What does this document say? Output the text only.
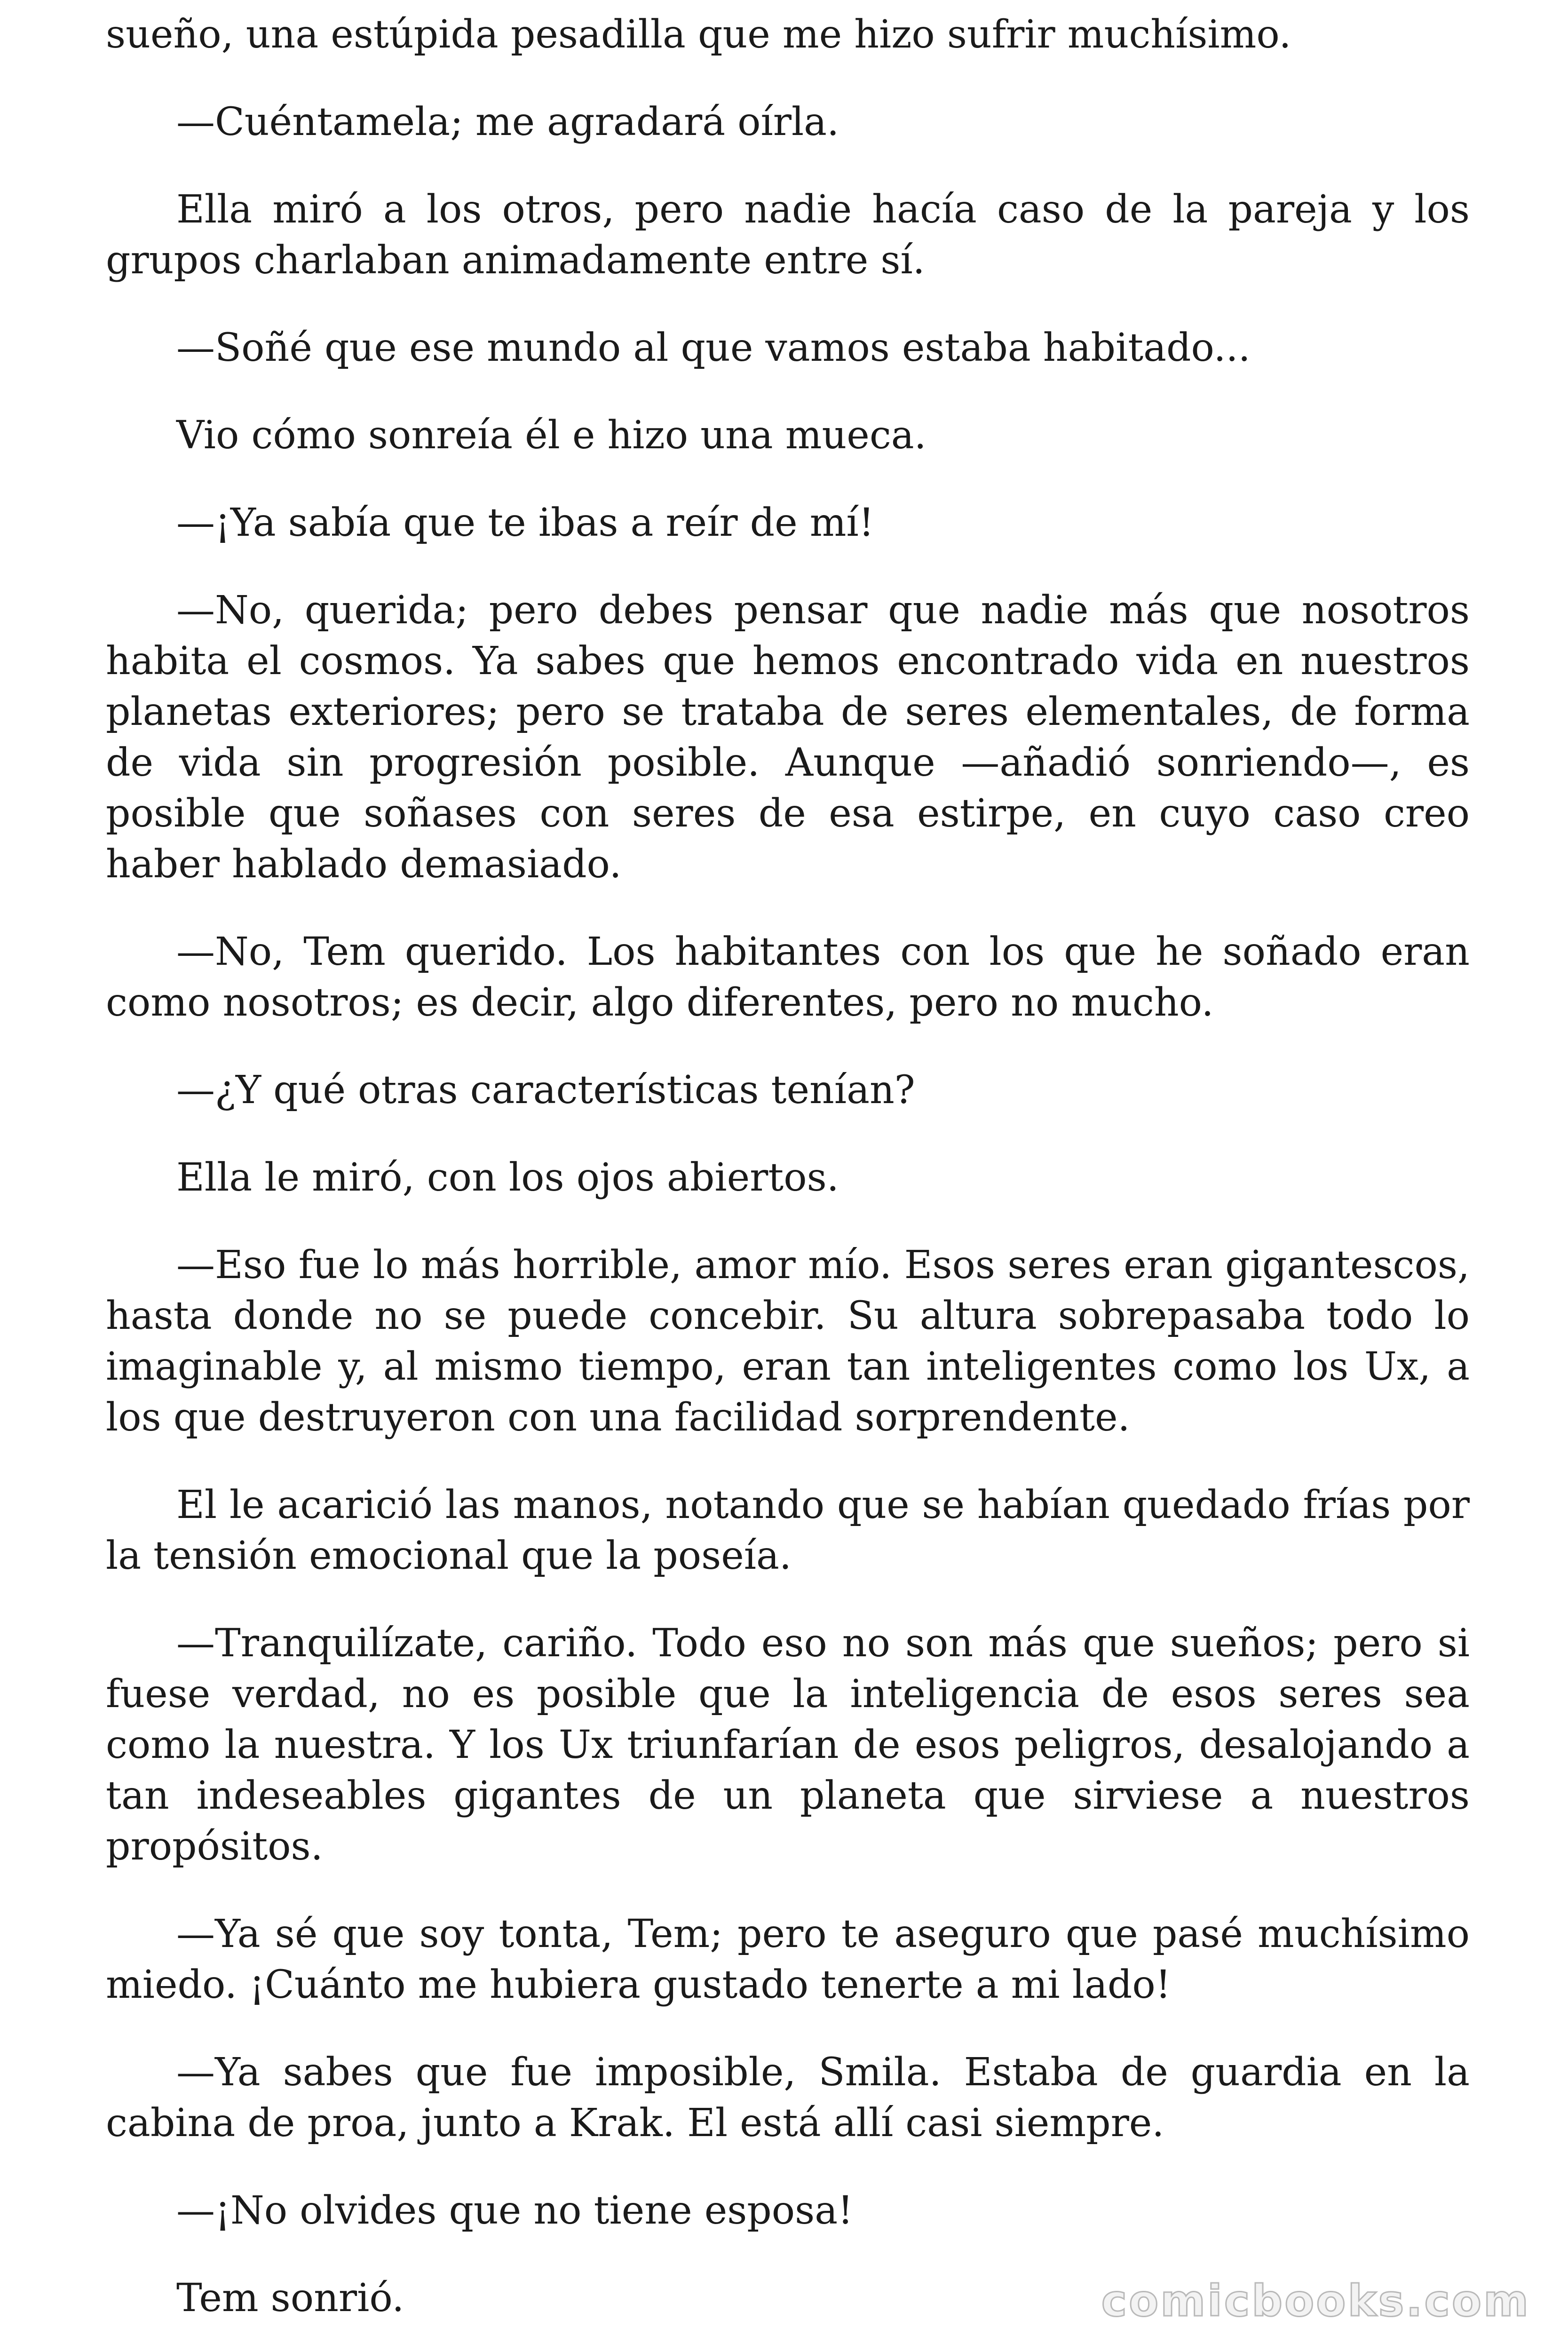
sueño, una estúpida pesadilla que me hizo sufrir muchísimo.

—Cuéntamela; me agradará oírla.

Ella miró a los otros, pero nadie hacía caso de la pareja y los grupos charlaban animadamente entre sí.

—Soñé que ese mundo al que vamos estaba habitado...

Vio cómo sonreía él e hizo una mueca.

—¡Ya sabía que te ibas a reír de mí!

—No, querida; pero debes pensar que nadie más que nosotros habita el cosmos. Ya sabes que hemos encontrado vida en nuestros planetas exteriores; pero se trataba de seres elementales, de forma de vida sin progresión posible. Aunque —añadió sonriendo—, es posible que soñases con seres de esa estirpe, en cuyo caso creo haber hablado demasiado.

—No, Tem querido. Los habitantes con los que he soñado eran como nosotros; es decir, algo diferentes, pero no mucho.

—¿Y qué otras características tenían?

Ella le miró, con los ojos abiertos.

—Eso fue lo más horrible, amor mío. Esos seres eran gigantescos, hasta donde no se puede concebir. Su altura sobrepasaba todo lo imaginable y, al mismo tiempo, eran tan inteligentes como los Ux, a los que destruyeron con una facilidad sorprendente.

El le acarició las manos, notando que se habían quedado frías por la tensión emocional que la poseía.

—Tranquilízate, cariño. Todo eso no son más que sueños; pero si fuese verdad, no es posible que la inteligencia de esos seres sea como la nuestra. Y los Ux triunfarían de esos peligros, desalojando a tan indeseables gigantes de un planeta que sirviese a nuestros propósitos.

—Ya sé que soy tonta, Tem; pero te aseguro que pasé muchísimo miedo. ¡Cuánto me hubiera gustado tenerte a mi lado!

—Ya sabes que fue imposible, Smila. Estaba de guardia en la cabina de proa, junto a Krak. El está allí casi siempre.

—¡No olvides que no tiene esposa!

Tem sonrió.	comicbooks.com
